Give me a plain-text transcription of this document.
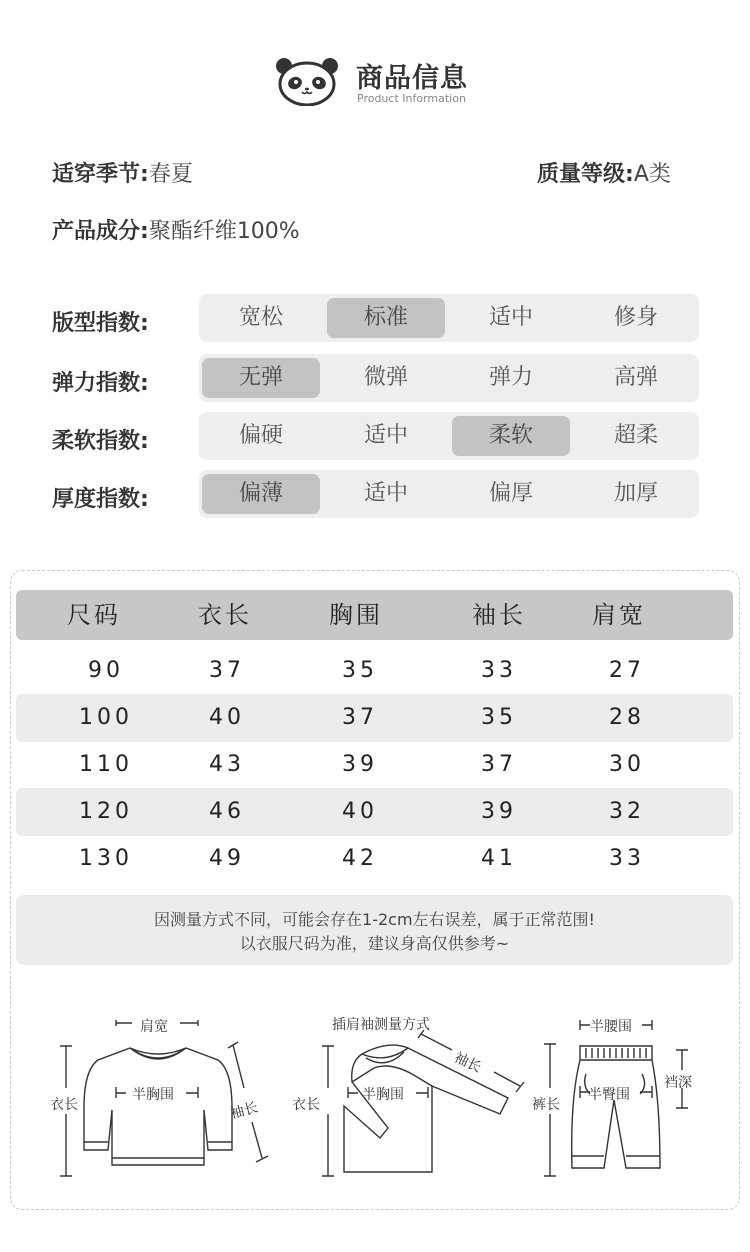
商品信息
Product Information
适穿季节:春夏	质量等级:A类
产品成分:聚酯纤维100%
版型指数:	宽松	标准	适中	修身
弹力指数:	无弹	微弹	弹力	高弹
柔软指数:	偏硬	适中	柔软	超柔
厚度指数:	偏薄	适中	偏厚	加厚
尺码	衣长	胸围	袖长	肩宽
90	37	35	33	27
100	40	37	35	28
110	43	39	37	30
120	46	40	39	32
130	49	42	41	33
因测量方式不同，可能会存在1-2cm左右误差，属于正常范围!
以衣服尺码为准，建议身高仅供参考~
肩宽
衣长
半胸围
袖长
插肩袖测量方式
衣长
半胸围
袖长
半腰围
裤长
半臀围
裆深
